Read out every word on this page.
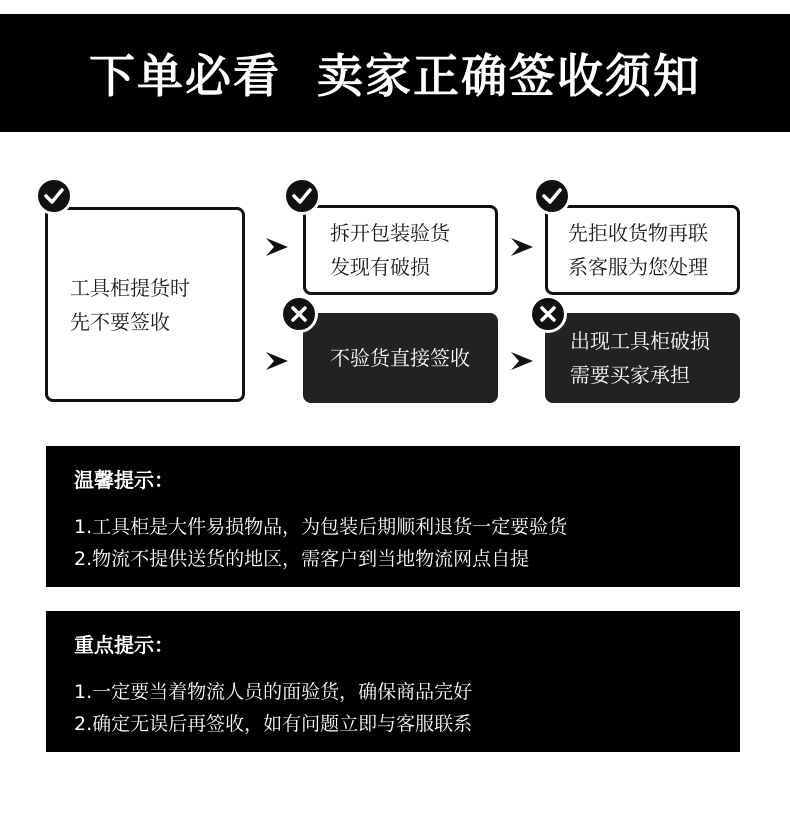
下单必看  卖家正确签收须知
工具柜提货时
先不要签收
拆开包装验货
发现有破损
先拒收货物再联
系客服为您处理
不验货直接签收
出现工具柜破损
需要买家承担
温馨提示：
1.工具柜是大件易损物品，为包装后期顺利退货一定要验货
2.物流不提供送货的地区，需客户到当地物流网点自提
重点提示：
1.一定要当着物流人员的面验货，确保商品完好
2.确定无误后再签收，如有问题立即与客服联系
